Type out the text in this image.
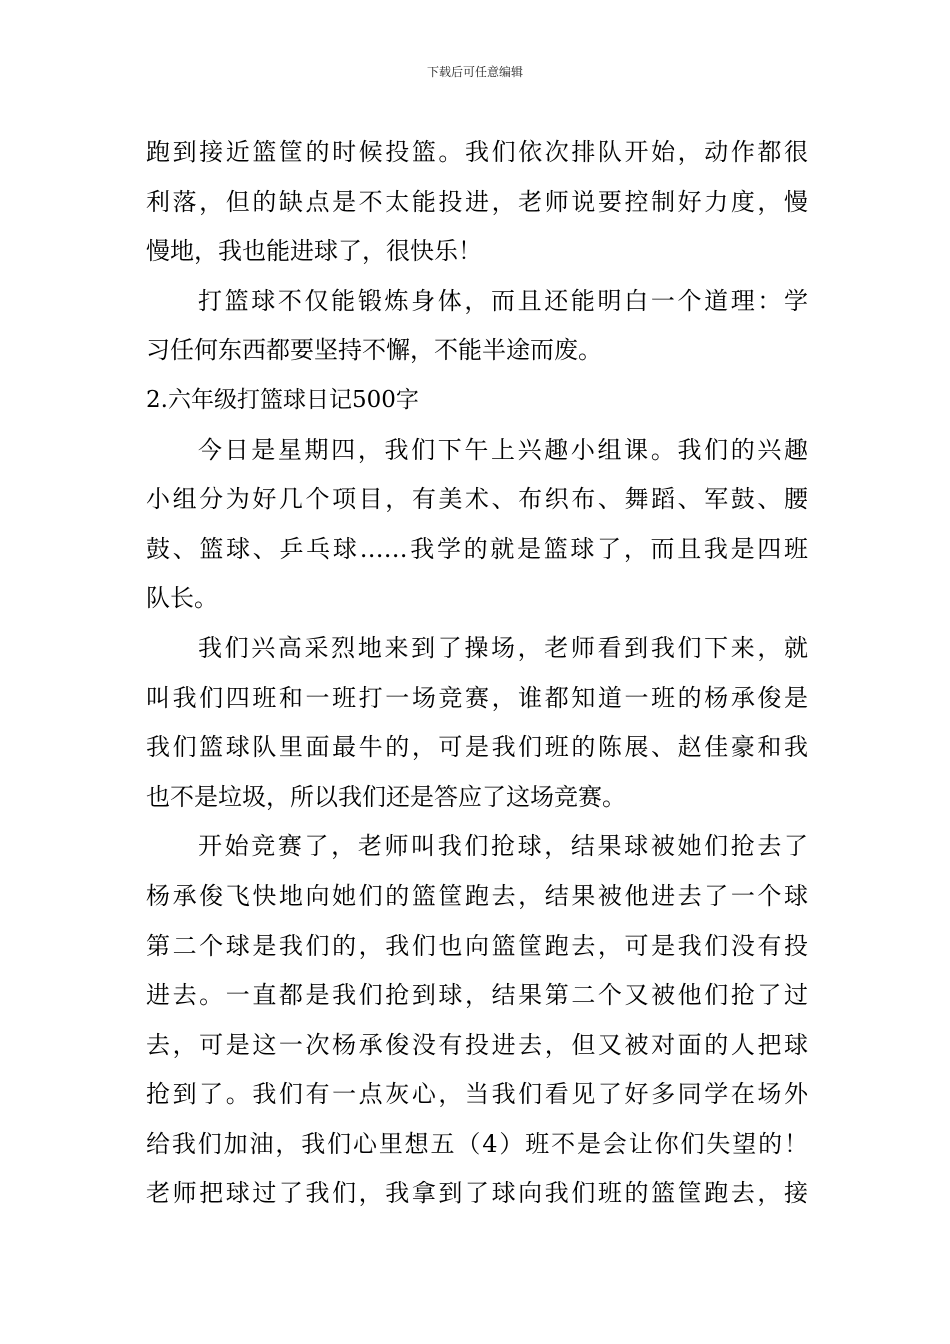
下载后可任意编辑
跑到接近篮筐的时候投篮。我们依次排队开始，动作都很
利落，但的缺点是不太能投进，老师说要控制好力度，慢
慢地，我也能进球了，很快乐！
打篮球不仅能锻炼身体，而且还能明白一个道理：学
习任何东西都要坚持不懈，不能半途而废。
2.六年级打篮球日记500字
今日是星期四，我们下午上兴趣小组课。我们的兴趣
小组分为好几个项目，有美术、布织布、舞蹈、军鼓、腰
鼓、篮球、乒乓球……我学的就是篮球了，而且我是四班
队长。
我们兴高采烈地来到了操场，老师看到我们下来，就
叫我们四班和一班打一场竞赛，谁都知道一班的杨承俊是
我们篮球队里面最牛的，可是我们班的陈展、赵佳豪和我
也不是垃圾，所以我们还是答应了这场竞赛。
开始竞赛了，老师叫我们抢球，结果球被她们抢去了
杨承俊飞快地向她们的篮筐跑去，结果被他进去了一个球
第二个球是我们的，我们也向篮筐跑去，可是我们没有投
进去。一直都是我们抢到球，结果第二个又被他们抢了过
去，可是这一次杨承俊没有投进去，但又被对面的人把球
抢到了。我们有一点灰心，当我们看见了好多同学在场外
给我们加油，我们心里想五（4）班不是会让你们失望的！
老师把球过了我们，我拿到了球向我们班的篮筐跑去，接
